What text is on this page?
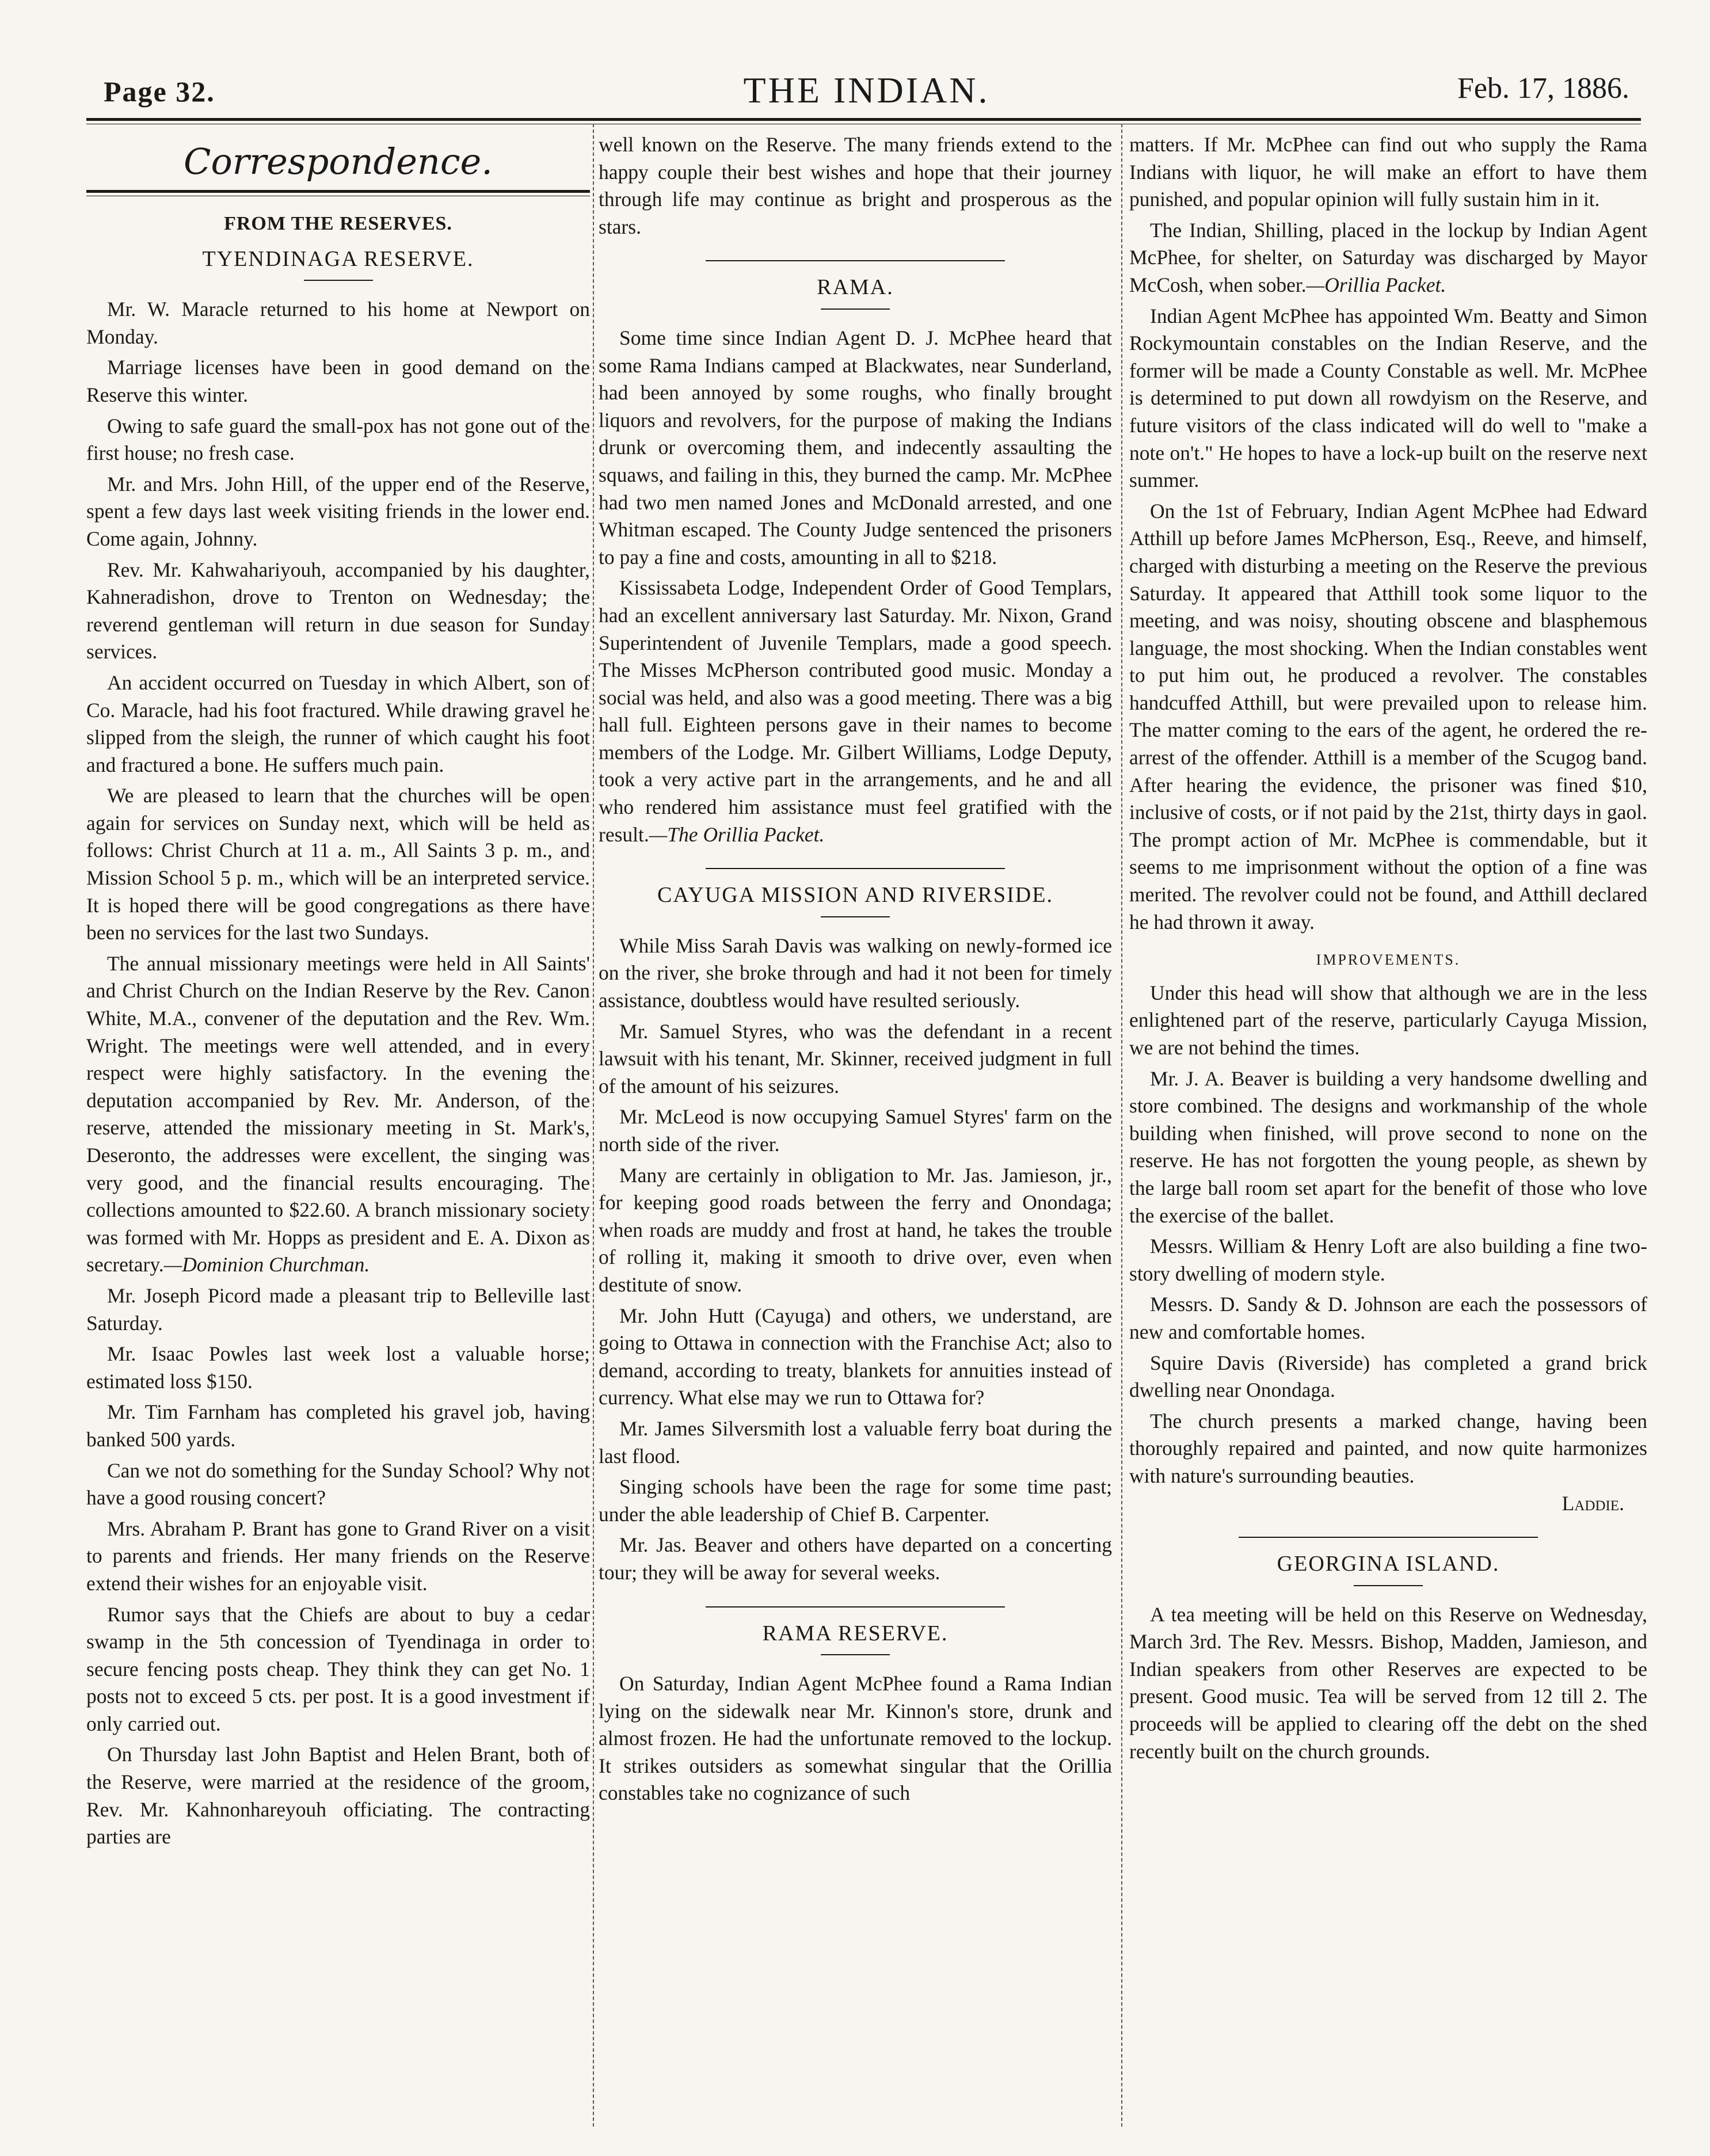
Page 32.	THE INDIAN.	Feb. 17, 1886.
Correspondence.
FROM THE RESERVES.
TYENDINAGA RESERVE.

Mr. W. Maracle returned to his home at Newport on Monday.

Marriage licenses have been in good demand on the Reserve this winter.

Owing to safe guard the small-pox has not gone out of the first house; no fresh case.

Mr. and Mrs. John Hill, of the upper end of the Reserve, spent a few days last week visiting friends in the lower end. Come again, Johnny.

Rev. Mr. Kahwahariyouh, accompanied by his daughter, Kahneradishon, drove to Trenton on Wednesday; the reverend gentleman will return in due season for Sunday services.

An accident occurred on Tuesday in which Albert, son of Co. Maracle, had his foot fractured. While drawing gravel he slipped from the sleigh, the runner of which caught his foot and fractured a bone. He suffers much pain.

We are pleased to learn that the churches will be open again for services on Sunday next, which will be held as follows: Christ Church at 11 a. m., All Saints 3 p. m., and Mission School 5 p. m., which will be an interpreted service. It is hoped there will be good congregations as there have been no services for the last two Sundays.

The annual missionary meetings were held in All Saints' and Christ Church on the Indian Reserve by the Rev. Canon White, M.A., convener of the deputation and the Rev. Wm. Wright. The meetings were well attended, and in every respect were highly satisfactory. In the evening the deputation accompanied by Rev. Mr. Anderson, of the reserve, attended the missionary meeting in St. Mark's, Deseronto, the addresses were excellent, the singing was very good, and the financial results encouraging. The collections amounted to $22.60. A branch missionary society was formed with Mr. Hopps as president and E. A. Dixon as secretary.—Dominion Churchman.

Mr. Joseph Picord made a pleasant trip to Belleville last Saturday.

Mr. Isaac Powles last week lost a valuable horse; estimated loss $150.

Mr. Tim Farnham has completed his gravel job, having banked 500 yards.

Can we not do something for the Sunday School? Why not have a good rousing concert?

Mrs. Abraham P. Brant has gone to Grand River on a visit to parents and friends. Her many friends on the Reserve extend their wishes for an enjoyable visit.

Rumor says that the Chiefs are about to buy a cedar swamp in the 5th concession of Tyendinaga in order to secure fencing posts cheap. They think they can get No. 1 posts not to exceed 5 cts. per post. It is a good investment if only carried out.

On Thursday last John Baptist and Helen Brant, both of the Reserve, were married at the residence of the groom, Rev. Mr. Kahnonhareyouh officiating. The contracting parties are

well known on the Reserve. The many friends extend to the happy couple their best wishes and hope that their journey through life may continue as bright and prosperous as the stars.

RAMA.

Some time since Indian Agent D. J. McPhee heard that some Rama Indians camped at Blackwates, near Sunderland, had been annoyed by some roughs, who finally brought liquors and revolvers, for the purpose of making the Indians drunk or overcoming them, and indecently assaulting the squaws, and failing in this, they burned the camp. Mr. McPhee had two men named Jones and McDonald arrested, and one Whitman escaped. The County Judge sentenced the prisoners to pay a fine and costs, amounting in all to $218.

Kississabeta Lodge, Independent Order of Good Templars, had an excellent anniversary last Saturday. Mr. Nixon, Grand Superintendent of Juvenile Templars, made a good speech. The Misses McPherson contributed good music. Monday a social was held, and also was a good meeting. There was a big hall full. Eighteen persons gave in their names to become members of the Lodge. Mr. Gilbert Williams, Lodge Deputy, took a very active part in the arrangements, and he and all who rendered him assistance must feel gratified with the result.—The Orillia Packet.

CAYUGA MISSION AND RIVERSIDE.

While Miss Sarah Davis was walking on newly-formed ice on the river, she broke through and had it not been for timely assistance, doubtless would have resulted seriously.

Mr. Samuel Styres, who was the defendant in a recent lawsuit with his tenant, Mr. Skinner, received judgment in full of the amount of his seizures.

Mr. McLeod is now occupying Samuel Styres' farm on the north side of the river.

Many are certainly in obligation to Mr. Jas. Jamieson, jr., for keeping good roads between the ferry and Onondaga; when roads are muddy and frost at hand, he takes the trouble of rolling it, making it smooth to drive over, even when destitute of snow.

Mr. John Hutt (Cayuga) and others, we understand, are going to Ottawa in connection with the Franchise Act; also to demand, according to treaty, blankets for annuities instead of currency. What else may we run to Ottawa for?

Mr. James Silversmith lost a valuable ferry boat during the last flood.

Singing schools have been the rage for some time past; under the able leadership of Chief B. Carpenter.

Mr. Jas. Beaver and others have departed on a concerting tour; they will be away for several weeks.

RAMA RESERVE.

On Saturday, Indian Agent McPhee found a Rama Indian lying on the sidewalk near Mr. Kinnon's store, drunk and almost frozen. He had the unfortunate removed to the lockup. It strikes outsiders as somewhat singular that the Orillia constables take no cognizance of such

matters. If Mr. McPhee can find out who supply the Rama Indians with liquor, he will make an effort to have them punished, and popular opinion will fully sustain him in it.

The Indian, Shilling, placed in the lockup by Indian Agent McPhee, for shelter, on Saturday was discharged by Mayor McCosh, when sober.—Orillia Packet.

Indian Agent McPhee has appointed Wm. Beatty and Simon Rockymountain constables on the Indian Reserve, and the former will be made a County Constable as well. Mr. McPhee is determined to put down all rowdyism on the Reserve, and future visitors of the class indicated will do well to "make a note on't." He hopes to have a lock-up built on the reserve next summer.

On the 1st of February, Indian Agent McPhee had Edward Atthill up before James McPherson, Esq., Reeve, and himself, charged with disturbing a meeting on the Reserve the previous Saturday. It appeared that Atthill took some liquor to the meeting, and was noisy, shouting obscene and blasphemous language, the most shocking. When the Indian constables went to put him out, he produced a revolver. The constables handcuffed Atthill, but were prevailed upon to release him. The matter coming to the ears of the agent, he ordered the re-arrest of the offender. Atthill is a member of the Scugog band. After hearing the evidence, the prisoner was fined $10, inclusive of costs, or if not paid by the 21st, thirty days in gaol. The prompt action of Mr. McPhee is commendable, but it seems to me imprisonment without the option of a fine was merited. The revolver could not be found, and Atthill declared he had thrown it away.

IMPROVEMENTS.

Under this head will show that although we are in the less enlightened part of the reserve, particularly Cayuga Mission, we are not behind the times.

Mr. J. A. Beaver is building a very handsome dwelling and store combined. The designs and workmanship of the whole building when finished, will prove second to none on the reserve. He has not forgotten the young people, as shewn by the large ball room set apart for the benefit of those who love the exercise of the ballet.

Messrs. William & Henry Loft are also building a fine two-story dwelling of modern style.

Messrs. D. Sandy & D. Johnson are each the possessors of new and comfortable homes.

Squire Davis (Riverside) has completed a grand brick dwelling near Onondaga.

The church presents a marked change, having been thoroughly repaired and painted, and now quite harmonizes with nature's surrounding beauties.

Laddie.
GEORGINA ISLAND.

A tea meeting will be held on this Reserve on Wednesday, March 3rd. The Rev. Messrs. Bishop, Madden, Jamieson, and Indian speakers from other Reserves are expected to be present. Good music. Tea will be served from 12 till 2. The proceeds will be applied to clearing off the debt on the shed recently built on the church grounds.
